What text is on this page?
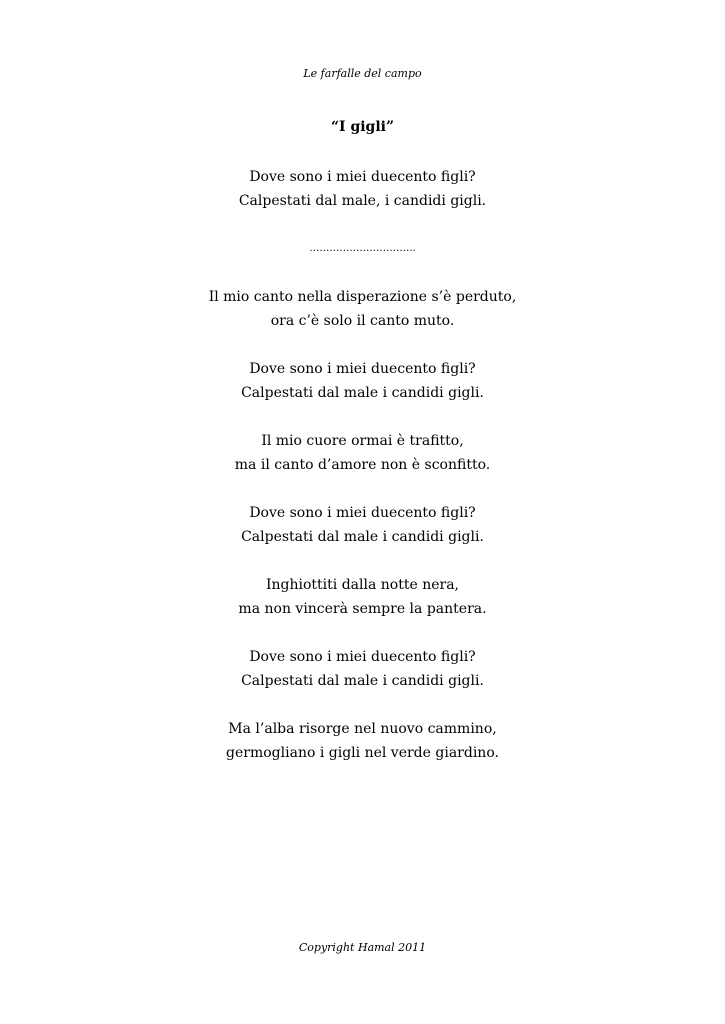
Le farfalle del campo
“I gigli”
Dove sono i miei duecento figli?
Calpestati dal male, i candidi gigli.
…………………………..
Il mio canto nella disperazione s’è perduto,
ora c’è solo il canto muto.
Dove sono i miei duecento figli?
Calpestati dal male i candidi gigli.
Il mio cuore ormai è trafitto,
ma il canto d’amore non è sconfitto.
Dove sono i miei duecento figli?
Calpestati dal male i candidi gigli.
Inghiottiti dalla notte nera,
ma non vincerà sempre la pantera.
Dove sono i miei duecento figli?
Calpestati dal male i candidi gigli.
Ma l’alba risorge nel nuovo cammino,
germogliano i gigli nel verde giardino.
Copyright Hamal 2011
